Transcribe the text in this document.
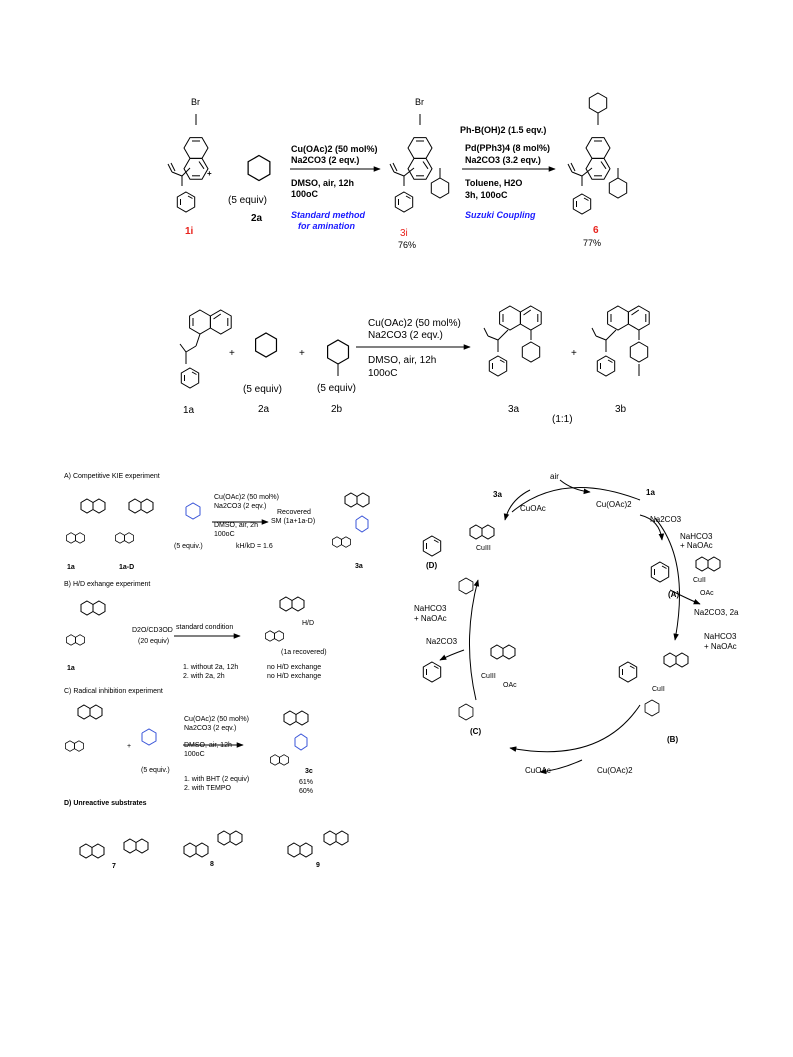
Br
1i
(5 equiv)
2a
+
Cu(OAc)2 (50 mol%)
Na2CO3 (2 eqv.)
DMSO, air, 12h
100oC
Standard method
for amination
Br
3i
76%
Ph-B(OH)2 (1.5 eqv.)
Pd(PPh3)4 (8 mol%)
Na2CO3 (3.2 eqv.)
Toluene, H2O
3h, 100oC
Suzuki Coupling
6
77%
1a
+	+
(5 equiv)
2a
(5 equiv)
2b
Cu(OAc)2 (50 mol%)
Na2CO3 (2 eqv.)
DMSO, air, 12h
100oC
+
3a	3b
(1:1)
A) Competitive KIE experiment
1a	1a-D
(5 equiv.)
Cu(OAc)2 (50 mol%)
Na2CO3 (2 eqv.)
DMSO, air, 2h
100oC
kH/kD = 1.6
Recovered
SM (1a+1a-D)
3a
B) H/D exhange experiment
1a
D2O/CD3OD
(20 equiv)
standard condition
1. without 2a, 12h
2. with 2a, 2h
H/D
(1a recovered)
no H/D exchange
no H/D exchange
C) Radical inhibition experiment
+
(5 equiv.)
Cu(OAc)2 (50 mol%)
Na2CO3 (2 eqv.)
DMSO, air, 12h
100oC
1. with BHT (2 equiv)
2. with TEMPO
3c
61%
60%
D) Unreactive substrates
7	8	9
air
Cu(OAc)2
1a
Na2CO3
NaHCO3
+ NaOAc
3a
CuOAc
(A)
CuII
OAc
Na2CO3, 2a
NaHCO3
+ NaOAc
(B)
CuII
Cu(OAc)2
CuOAc
(C)
CuIII
OAc
Na2CO3
NaHCO3
+ NaOAc
(D)
CuIII
